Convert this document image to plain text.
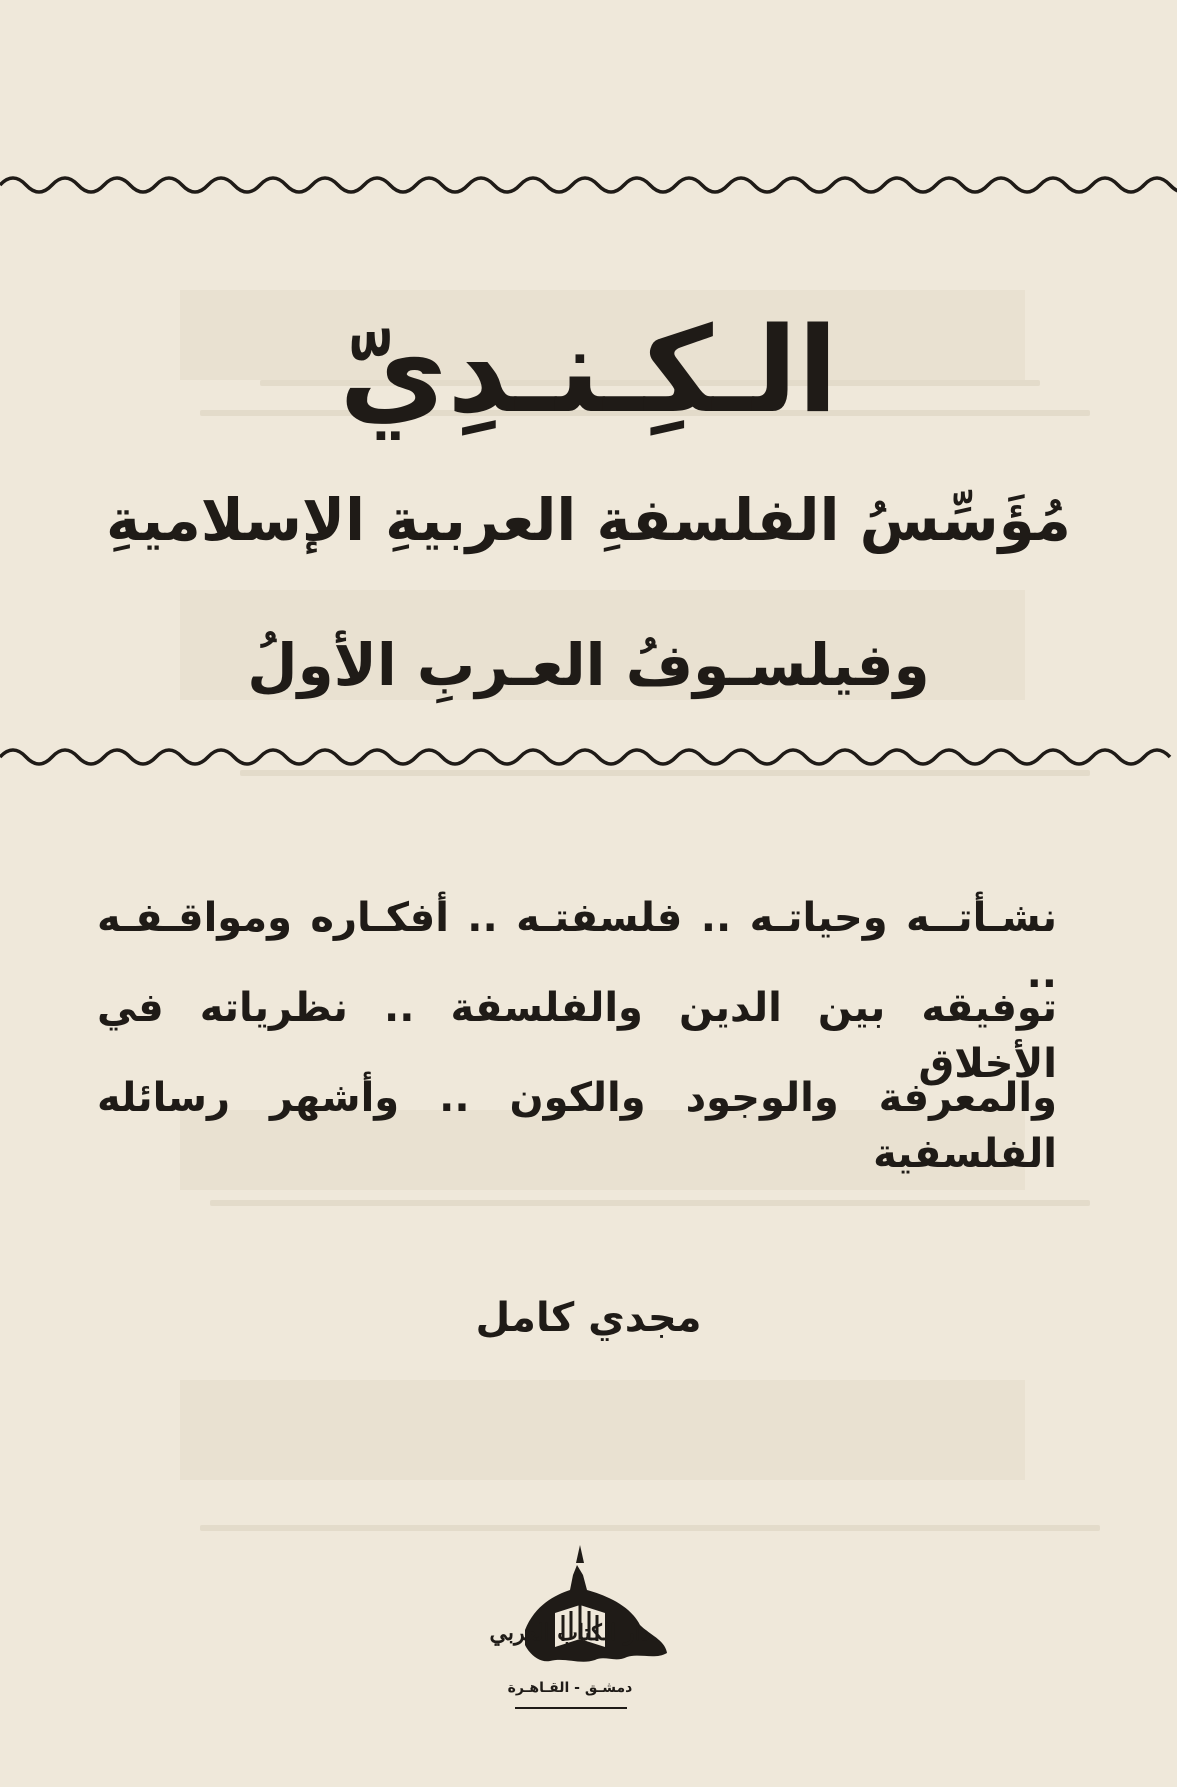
الـكِـنـدِيّ
مُؤَسِّسُ الفلسفةِ العربيةِ الإسلاميةِ
وفيلسـوفُ العـربِ الأولُ
نشـأتــه وحياتـه .. فلسفتـه .. أفكـاره ومواقـفـه ..
توفيقه بين الدين والفلسفة .. نظرياته في الأخلاق
والمعرفة والوجود والكون .. وأشهر رسائله الفلسفية
مجدي كامل
دار الكتاب العربي
دمشـق - القـاهـرة
